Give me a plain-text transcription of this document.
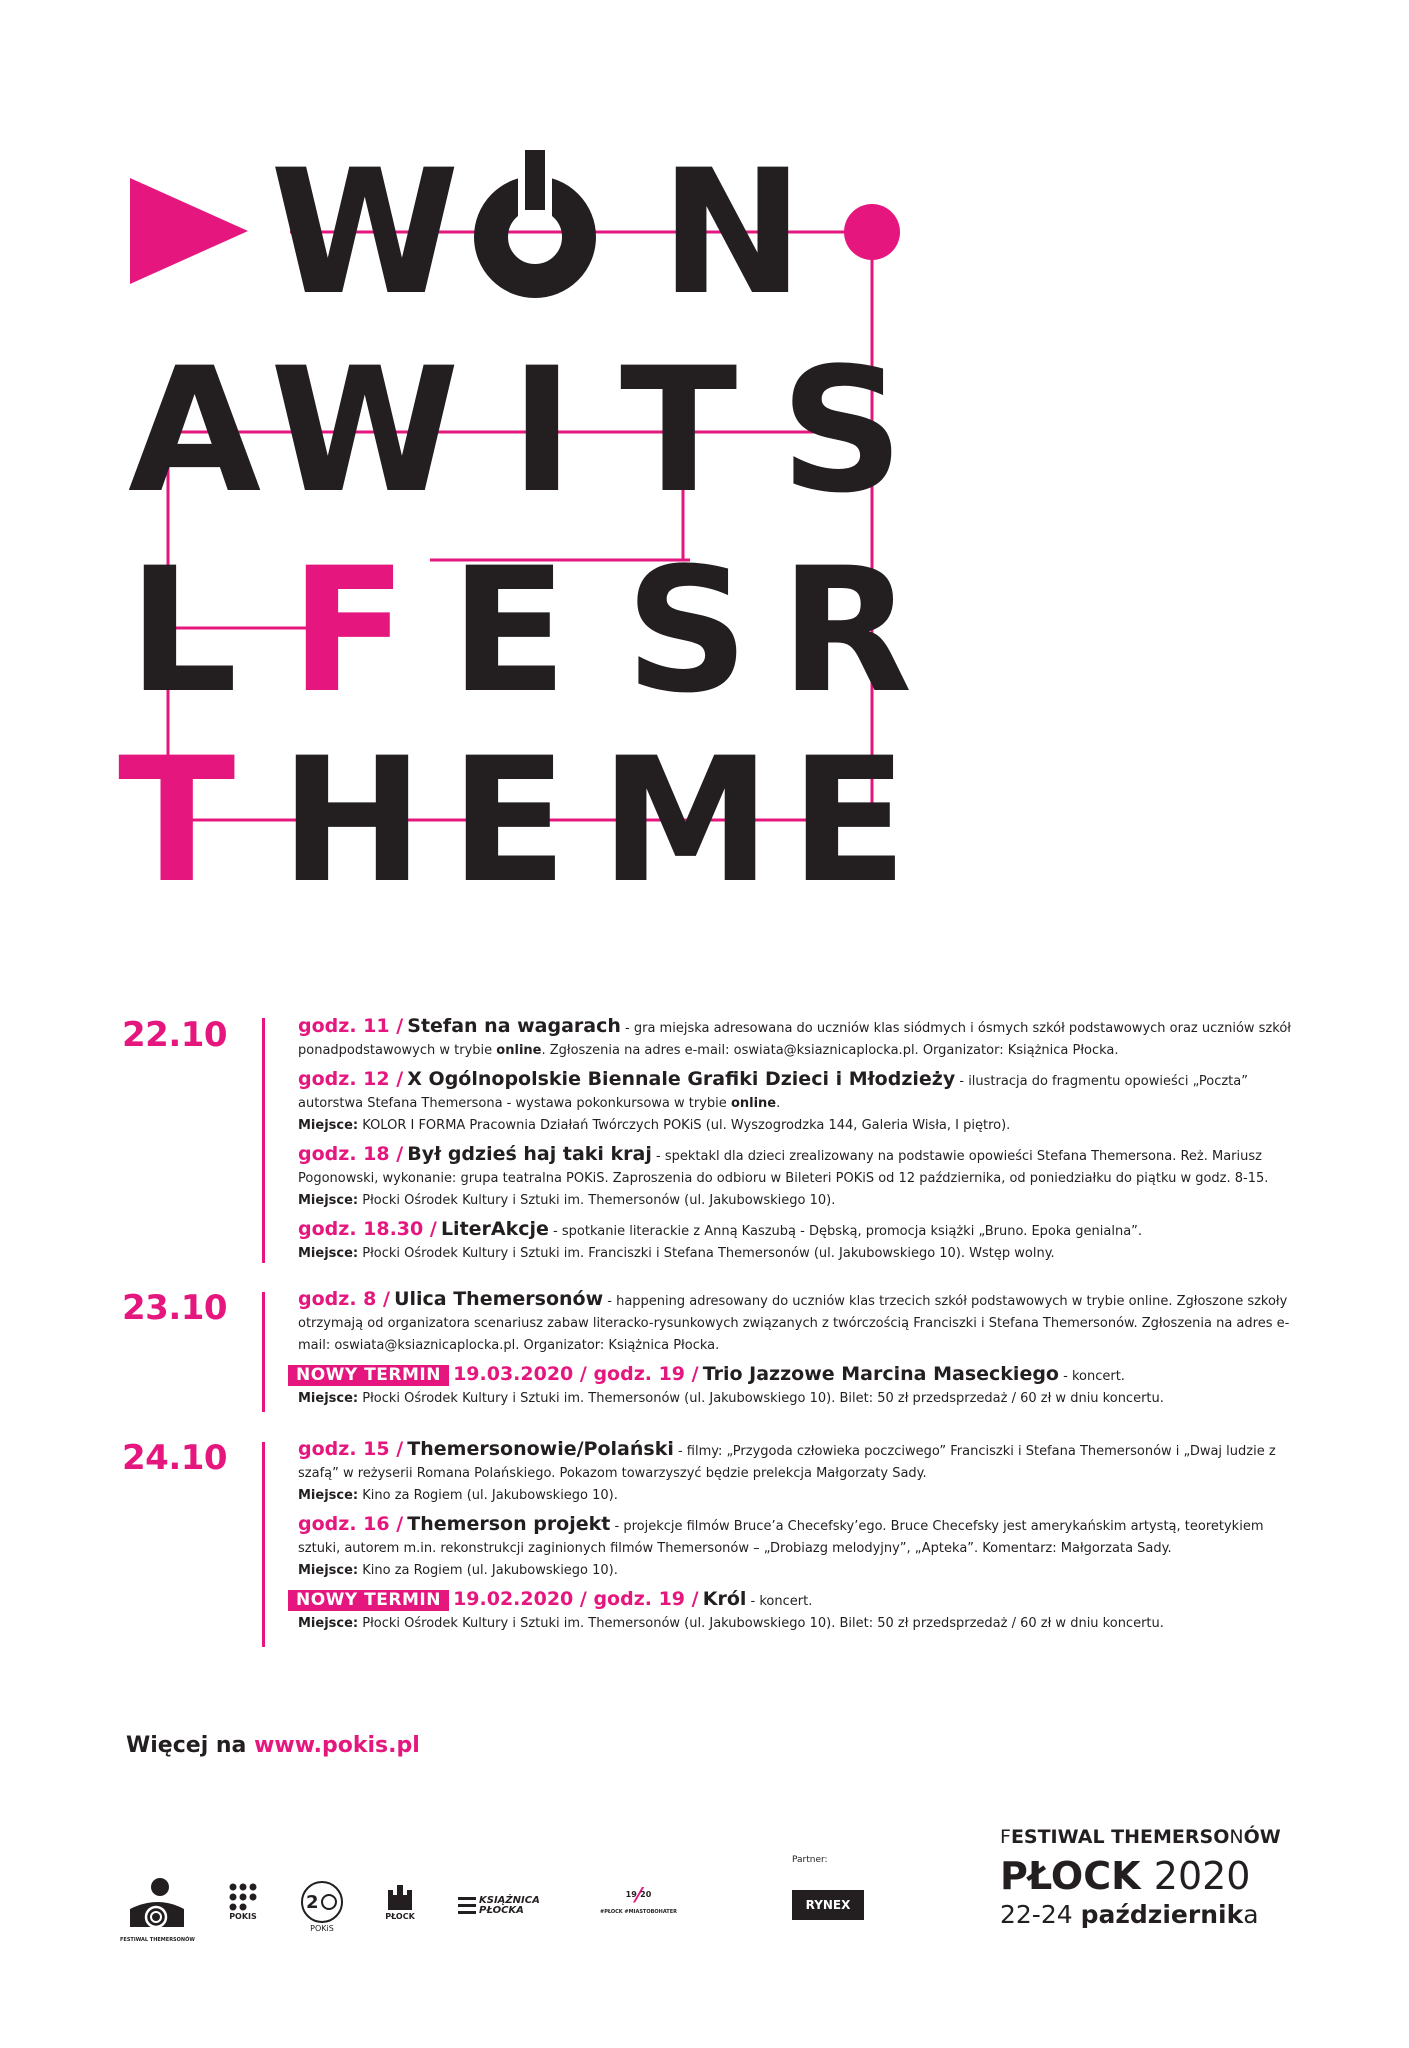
W N
A W I T S
L F E S R
T H E M E
22.10	godz. 11 / Stefan na wagarach - gra miejska adresowana do uczniów klas siódmych i ósmych szkół podstawowych oraz uczniów szkół ponadpodstawowych w trybie online. Zgłoszenia na adres e-mail: oswiata@ksiaznicaplocka.pl. Organizator: Książnica Płocka.

godz. 12 / X Ogólnopolskie Biennale Grafiki Dzieci i Młodzieży - ilustracja do fragmentu opowieści „Poczta” autorstwa Stefana Themersona - wystawa pokonkursowa w trybie online.
Miejsce: KOLOR I FORMA Pracownia Działań Twórczych POKiS (ul. Wyszogrodzka 144, Galeria Wisła, I piętro).

godz. 18 / Był gdzieś haj taki kraj - spektakl dla dzieci zrealizowany na podstawie opowieści Stefana Themersona. Reż. Mariusz Pogonowski, wykonanie: grupa teatralna POKiS. Zaproszenia do odbioru w Bileteri POKiS od 12 października, od poniedziałku do piątku w godz. 8-15.
Miejsce: Płocki Ośrodek Kultury i Sztuki im. Themersonów (ul. Jakubowskiego 10).

godz. 18.30 / LiterAkcje - spotkanie literackie z Anną Kaszubą - Dębską, promocja książki „Bruno. Epoka genialna”.
Miejsce: Płocki Ośrodek Kultury i Sztuki im. Franciszki i Stefana Themersonów (ul. Jakubowskiego 10). Wstęp wolny.

23.10	godz. 8 / Ulica Themersonów - happening adresowany do uczniów klas trzecich szkół podstawowych w trybie online. Zgłoszone szkoły otrzymają od organizatora scenariusz zabaw literacko-rysunkowych związanych z twórczością Franciszki i Stefana Themersonów. Zgłoszenia na adres e-mail: oswiata@ksiaznicaplocka.pl. Organizator: Książnica Płocka.

NOWY TERMIN 19.03.2020 / godz. 19 / Trio Jazzowe Marcina Maseckiego - koncert.
Miejsce: Płocki Ośrodek Kultury i Sztuki im. Themersonów (ul. Jakubowskiego 10). Bilet: 50 zł przedsprzedaż / 60 zł w dniu koncertu.

24.10	godz. 15 / Themersonowie/Polański - filmy: „Przygoda człowieka poczciwego” Franciszki i Stefana Themersonów i „Dwaj ludzie z szafą” w reżyserii Romana Polańskiego. Pokazom towarzyszyć będzie prelekcja Małgorzaty Sady.
Miejsce: Kino za Rogiem (ul. Jakubowskiego 10).

godz. 16 / Themerson projekt - projekcje filmów Bruce’a Checefsky’ego. Bruce Checefsky jest amerykańskim artystą, teoretykiem sztuki, autorem m.in. rekonstrukcji zaginionych filmów Themersonów – „Drobiazg melodyjny”, „Apteka”. Komentarz: Małgorzata Sady.
Miejsce: Kino za Rogiem (ul. Jakubowskiego 10).

NOWY TERMIN 19.02.2020 / godz. 19 / Król - koncert.
Miejsce: Płocki Ośrodek Kultury i Sztuki im. Themersonów (ul. Jakubowskiego 10). Bilet: 50 zł przedsprzedaż / 60 zł w dniu koncertu.

Więcej na www.pokis.pl
FESTIWAL THEMERSONÓW
POKIS
2
POKiS
PŁOCK
KSIĄŻNICA PŁOCKA
19 ⁄ 20
#PŁOCK #MIASTOBOHATER	RYNEX
Partner:
FESTIWAL THEMERSONÓW
PŁOCK 2020
22-24 października
